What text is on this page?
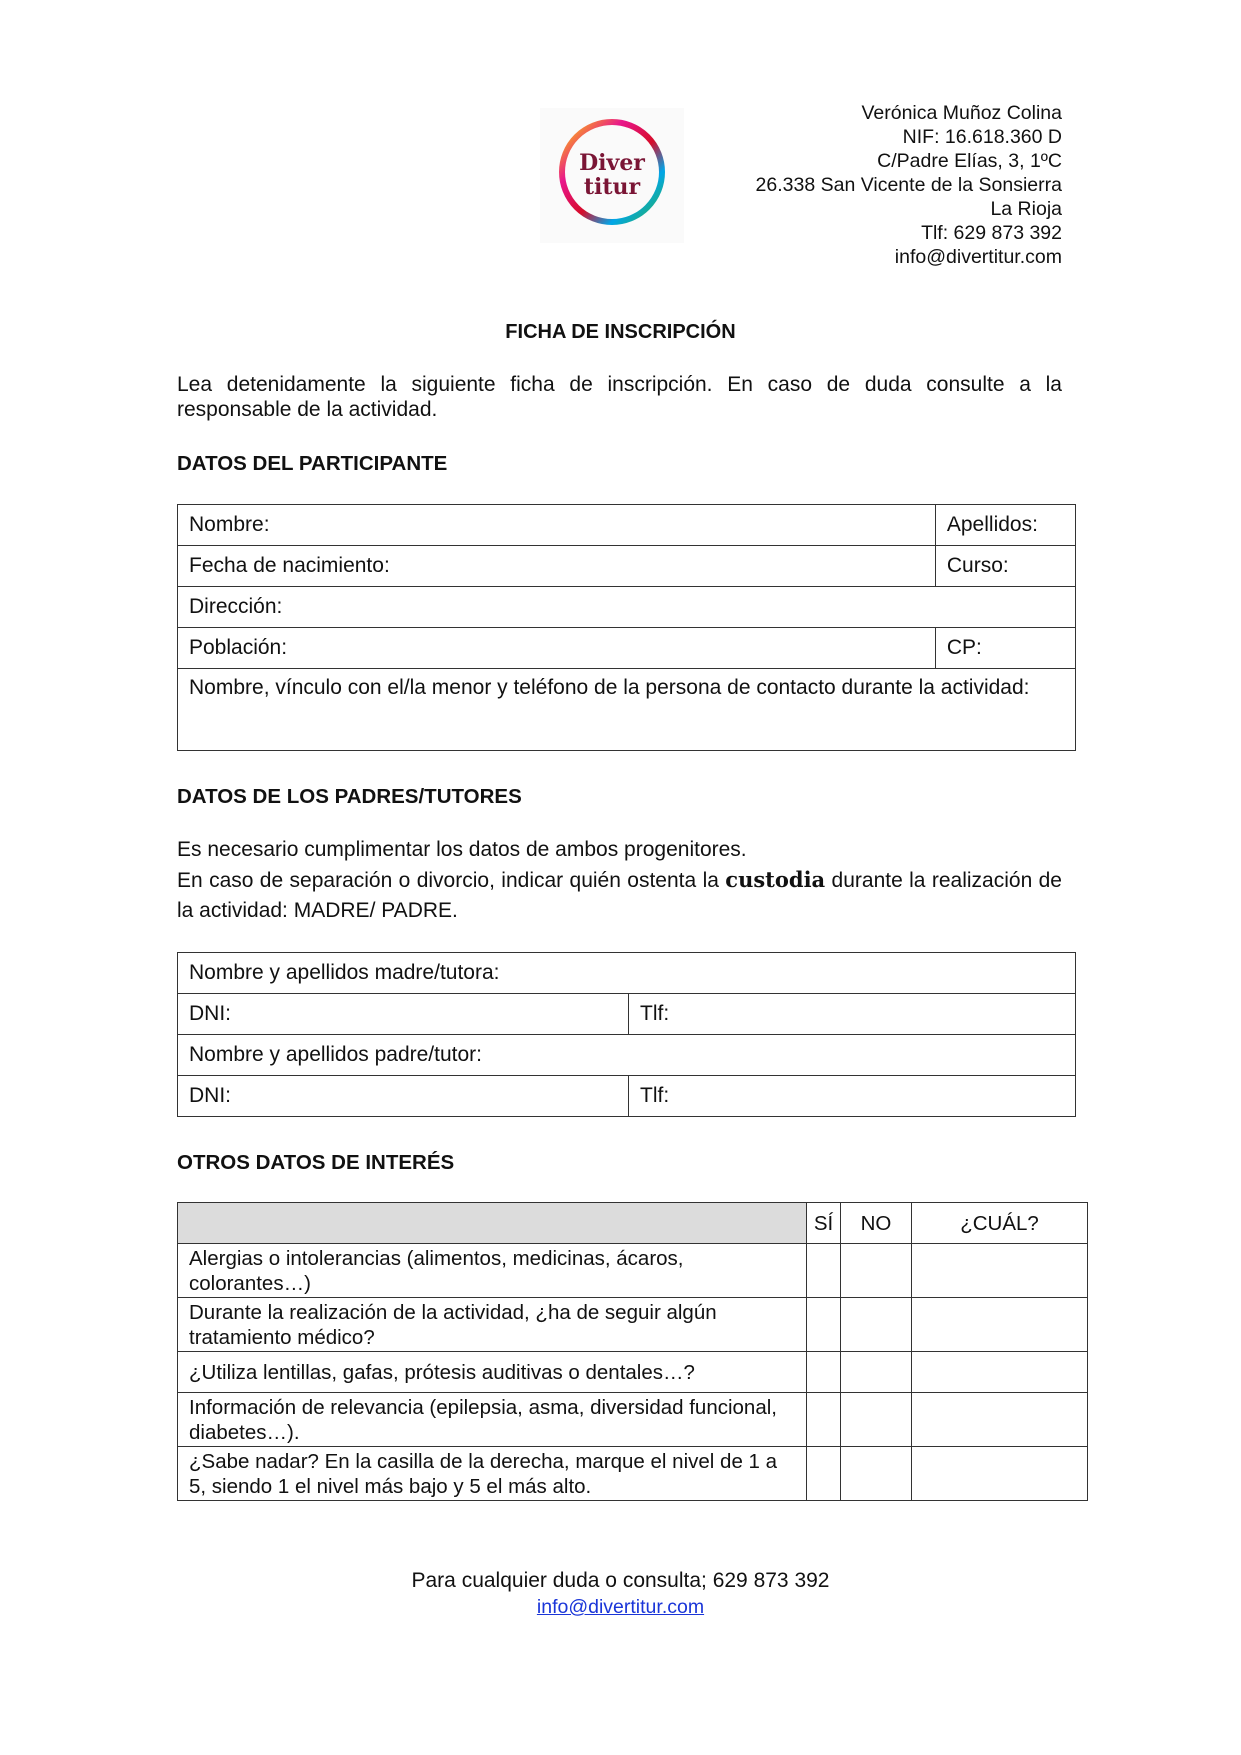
Diver
titur
Verónica Muñoz Colina
NIF: 16.618.360 D
C/Padre Elías, 3, 1ºC
26.338 San Vicente de la Sonsierra
La Rioja
Tlf: 629 873 392
info@divertitur.com
FICHA DE INSCRIPCIÓN
Lea detenidamente la siguiente ficha de inscripción. En caso de duda consulte a la responsable de la actividad.
DATOS DEL PARTICIPANTE
Nombre:	Apellidos:
Fecha de nacimiento:	Curso:
Dirección:	
Población:	CP:
Nombre, vínculo con el/la menor y teléfono de la persona de contacto durante la actividad:	
DATOS DE LOS PADRES/TUTORES
Es necesario cumplimentar los datos de ambos progenitores.
En caso de separación o divorcio, indicar quién ostenta la custodia durante la realización de la actividad: MADRE/ PADRE.
Nombre y apellidos madre/tutora:	
DNI:	Tlf:
Nombre y apellidos padre/tutor:	
DNI:	Tlf:
OTROS DATOS DE INTERÉS
	SÍ	NO	¿CUÁL?
Alergias o intolerancias (alimentos, medicinas, ácaros, colorantes…)			
Durante la realización de la actividad, ¿ha de seguir algún tratamiento médico?			
¿Utiliza lentillas, gafas, prótesis auditivas o dentales…?			
Información de relevancia (epilepsia, asma, diversidad funcional, diabetes…).			
¿Sabe nadar? En la casilla de la derecha, marque el nivel de 1 a 5, siendo 1 el nivel más bajo y 5 el más alto.			
Para cualquier duda o consulta; 629 873 392
info@divertitur.com
